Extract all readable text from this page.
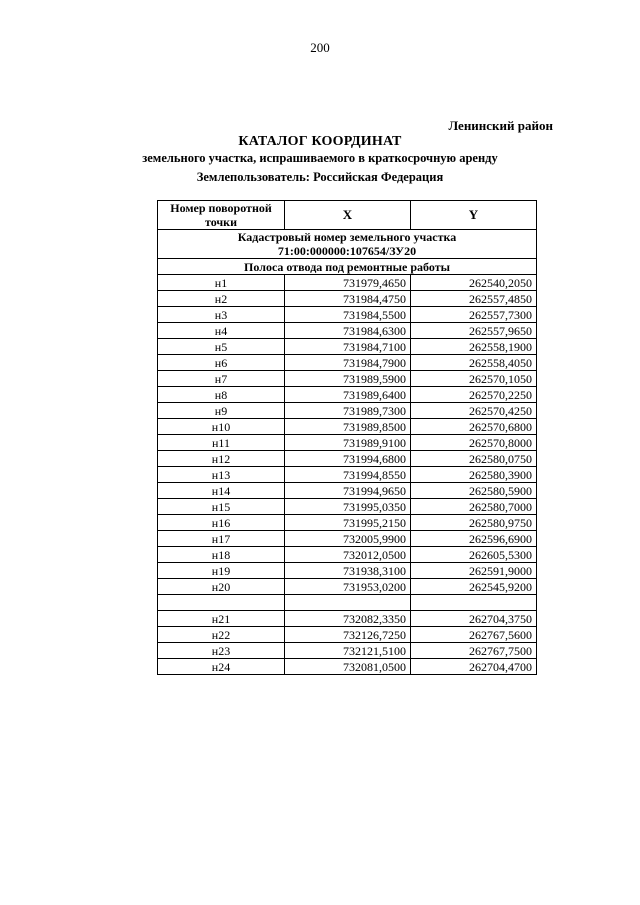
200
Ленинский район
КАТАЛОГ КООРДИНАТ
земельного участка, испрашиваемого в краткосрочную аренду
Землепользователь: Российская Федерация
Номер поворотной точки	X	Y
Кадастровый номер земельного участка
71:00:000000:107654/ЗУ20		
Полоса отвода под ремонтные работы		
н1	731979,4650	262540,2050
н2	731984,4750	262557,4850
н3	731984,5500	262557,7300
н4	731984,6300	262557,9650
н5	731984,7100	262558,1900
н6	731984,7900	262558,4050
н7	731989,5900	262570,1050
н8	731989,6400	262570,2250
н9	731989,7300	262570,4250
н10	731989,8500	262570,6800
н11	731989,9100	262570,8000
н12	731994,6800	262580,0750
н13	731994,8550	262580,3900
н14	731994,9650	262580,5900
н15	731995,0350	262580,7000
н16	731995,2150	262580,9750
н17	732005,9900	262596,6900
н18	732012,0500	262605,5300
н19	731938,3100	262591,9000
н20	731953,0200	262545,9200

н21	732082,3350	262704,3750
н22	732126,7250	262767,5600
н23	732121,5100	262767,7500
н24	732081,0500	262704,4700
